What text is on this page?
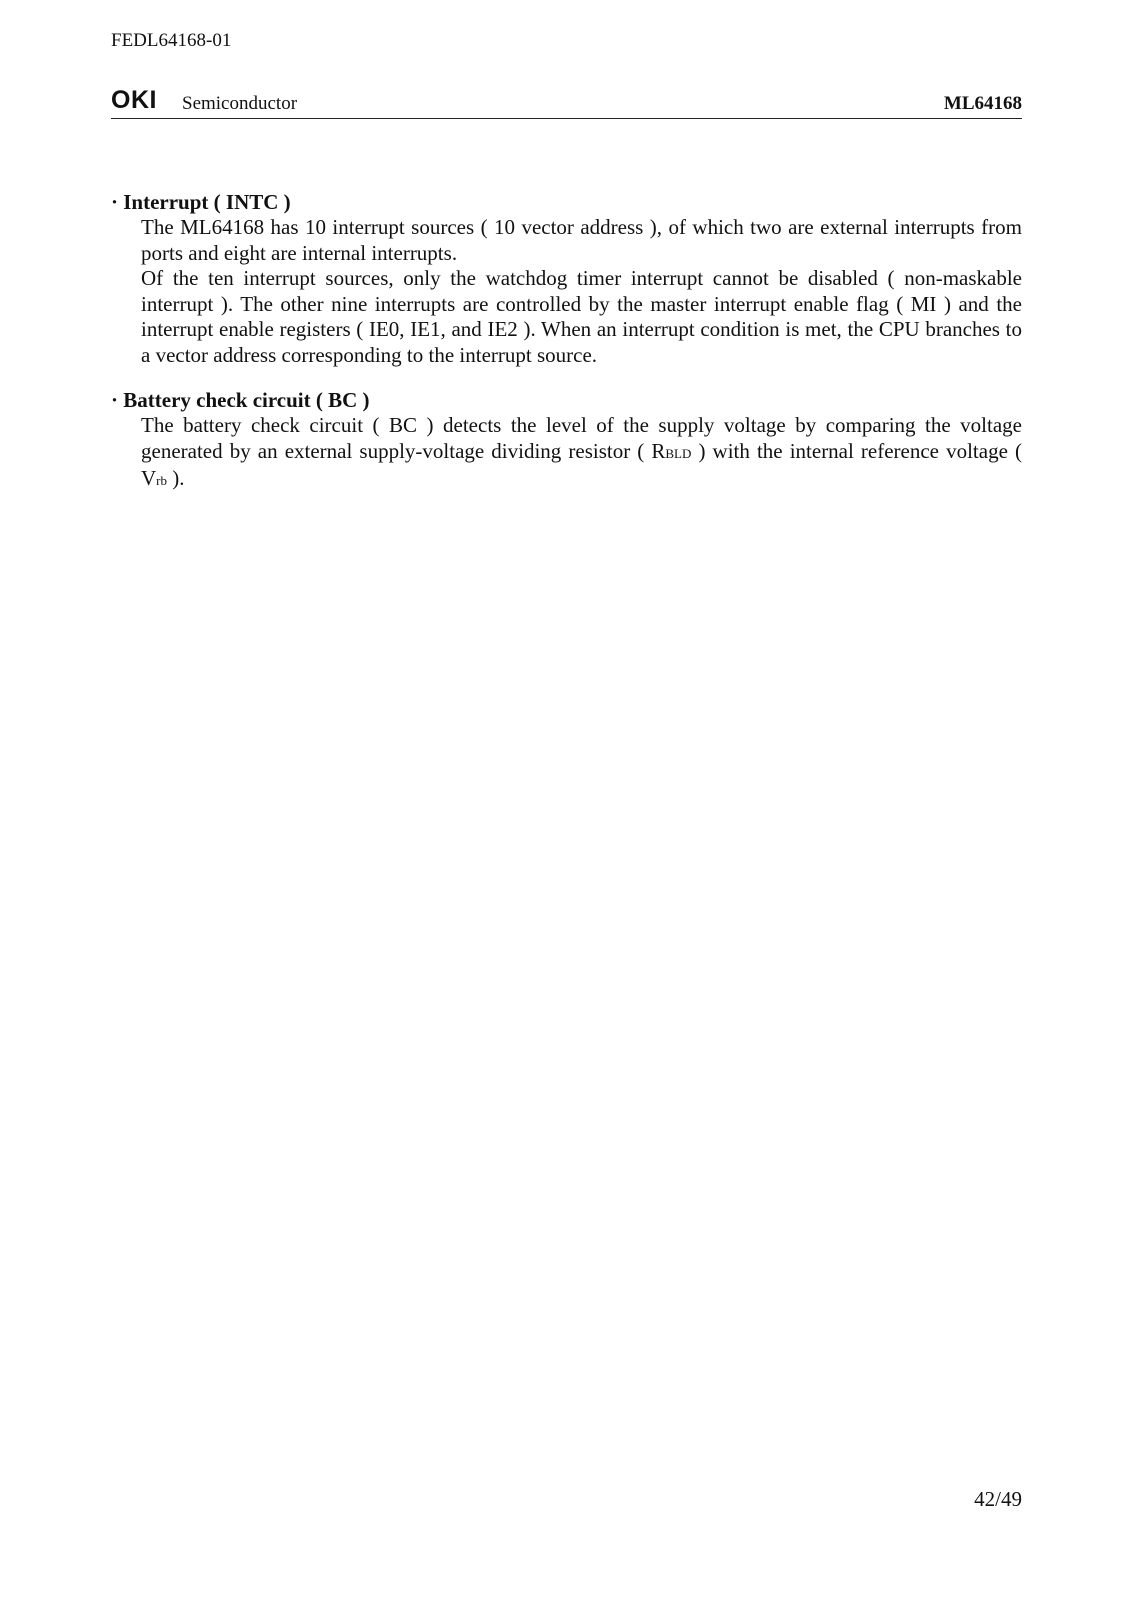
FEDL64168-01
OKI Semiconductor	ML64168
· Interrupt ( INTC )

The ML64168 has 10 interrupt sources ( 10 vector address ), of which two are external interrupts from ports and eight are internal interrupts.

Of the ten interrupt sources, only the watchdog timer interrupt cannot be disabled ( non-maskable interrupt ). The other nine interrupts are controlled by the master interrupt enable flag ( MI ) and the interrupt enable registers ( IE0, IE1, and IE2 ). When an interrupt condition is met, the CPU branches to a vector address corresponding to the interrupt source.

· Battery check circuit ( BC )

The battery check circuit ( BC ) detects the level of the supply voltage by comparing the voltage generated by an external supply-voltage dividing resistor ( RBLD ) with the internal reference voltage ( Vrb ).

42/49
